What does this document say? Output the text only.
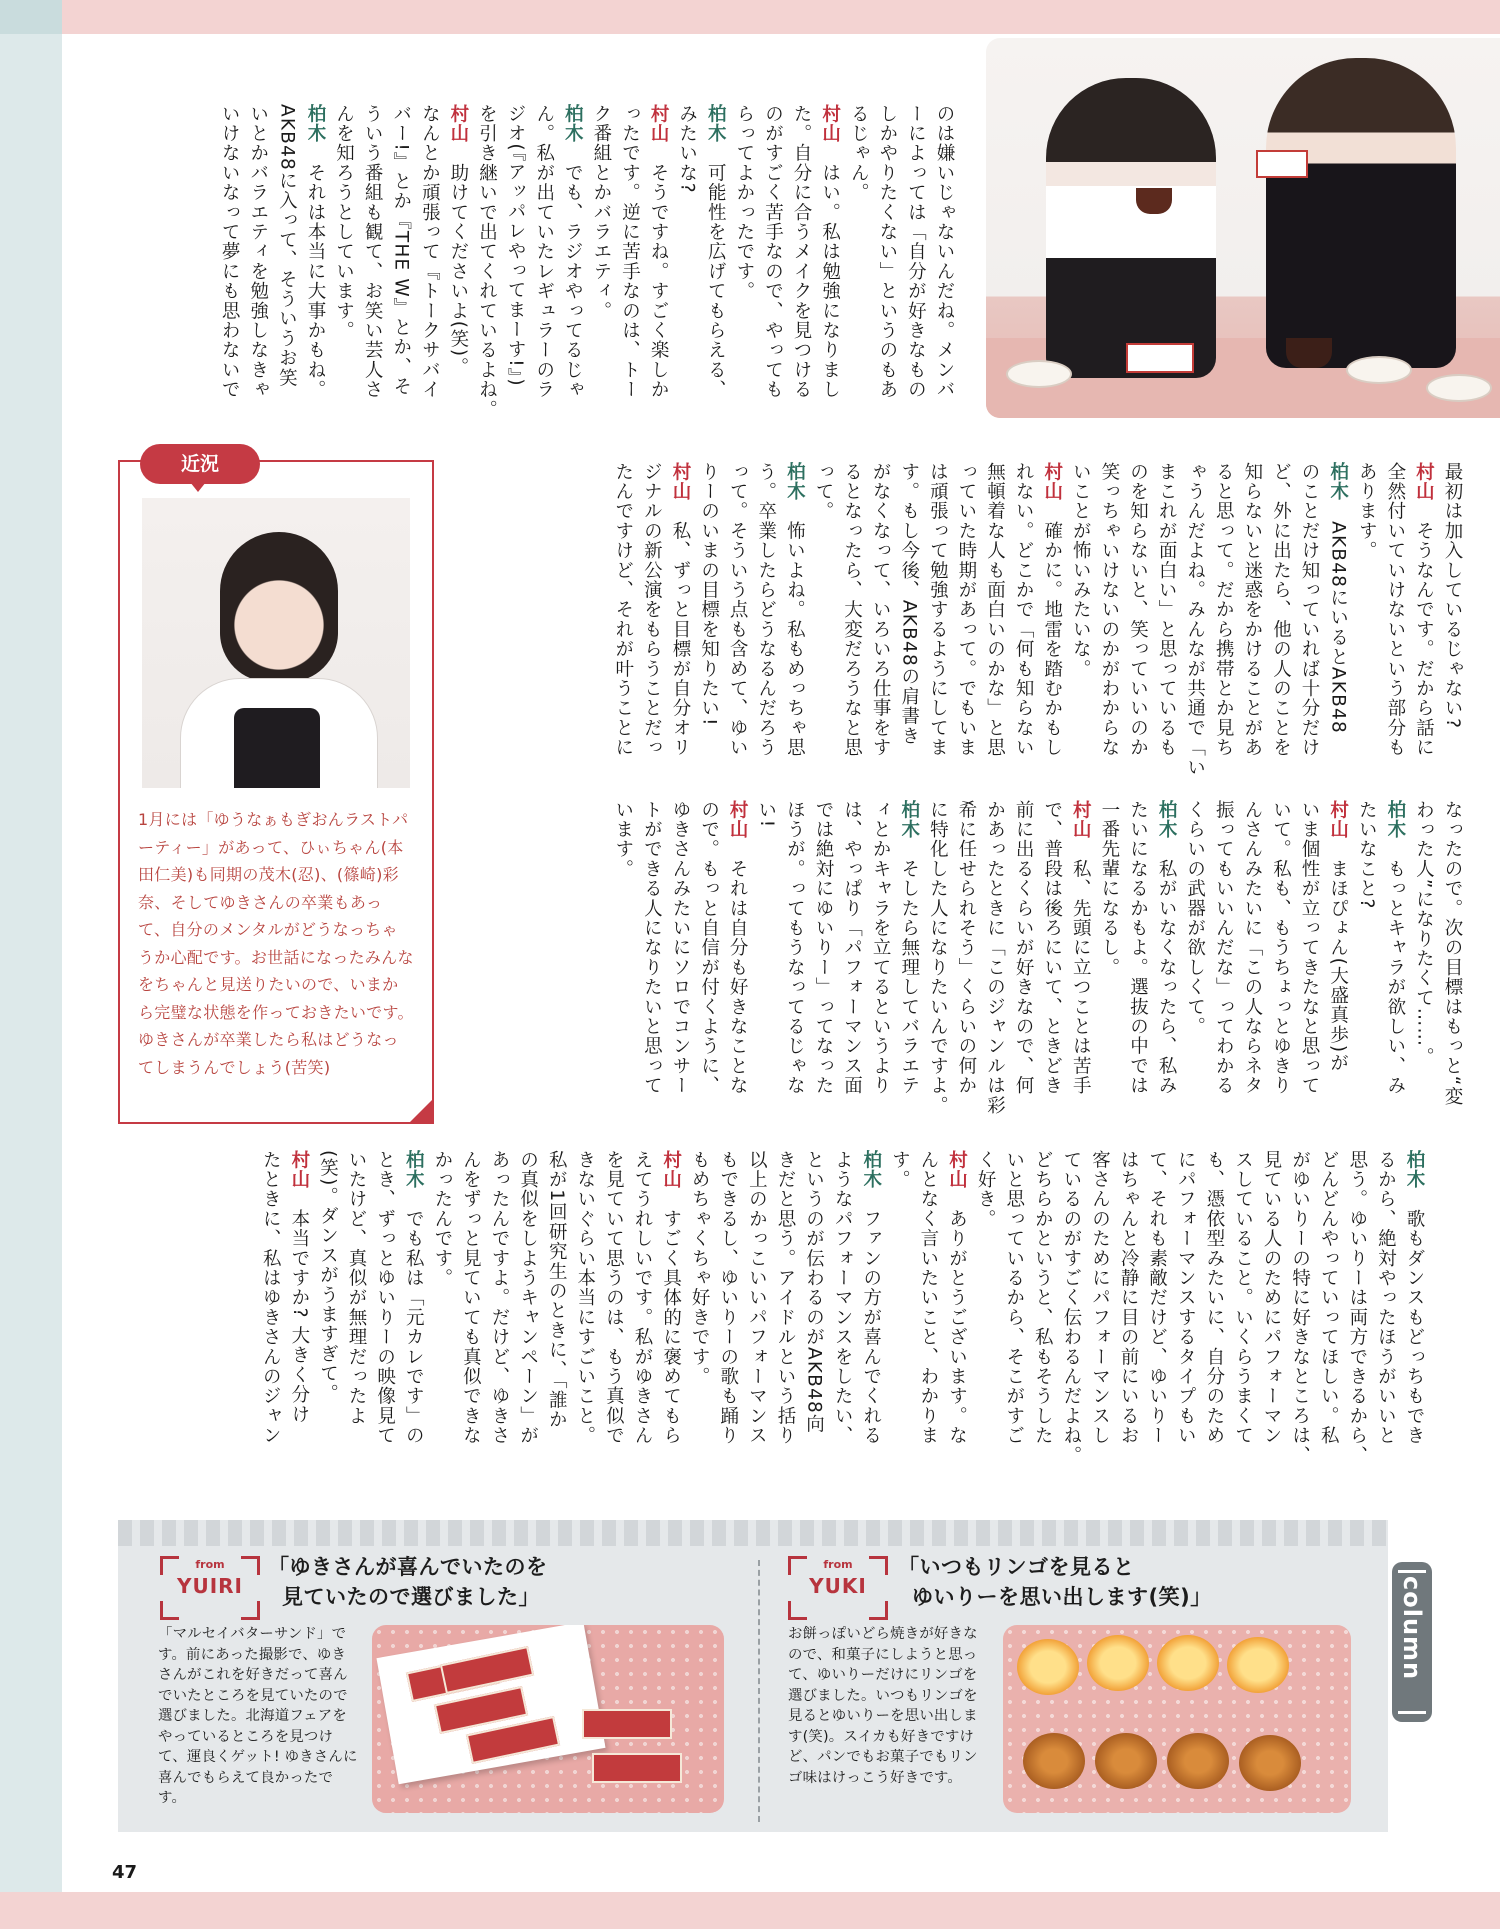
のは嫌いじゃないんだね。メンバ
ーによっては「自分が好きなもの
しかやりたくない」というのもあ
るじゃん。
村山　はい。私は勉強になりまし
た。自分に合うメイクを見つける
のがすごく苦手なので、やっても
らってよかったです。
柏木　可能性を広げてもらえる、
みたいな?
村山　そうですね。すごく楽しか
ったです。逆に苦手なのは、トー
ク番組とかバラエティ。
柏木　でも、ラジオやってるじゃ
ん。私が出ていたレギュラーのラ
ジオ(『アッパレやってまーす!』)
を引き継いで出てくれているよね。
村山　助けてくださいよ(笑)。
なんとか頑張って『トークサバイ
バー!』とか『THE W』とか、そ
ういう番組も観て、お笑い芸人さ
んを知ろうとしています。
柏木　それは本当に大事かもね。
AKB48に入って、そういうお笑
いとかバラエティを勉強しなきゃ
いけないなって夢にも思わないで
最初は加入しているじゃない?
村山　そうなんです。だから話に
全然付いていけないという部分も
あります。
柏木　AKB48にいるとAKB48
のことだけ知っていれば十分だけ
ど、外に出たら、他の人のことを
知らないと迷惑をかけることがあ
ると思って。だから携帯とか見ち
ゃうんだよね。みんなが共通で「い
まこれが面白い」と思っているも
のを知らないと、笑っていいのか
笑っちゃいけないのかがわからな
いことが怖いみたいな。
村山　確かに。地雷を踏むかもし
れない。どこかで「何も知らない
無頓着な人も面白いのかな」と思
っていた時期があって。でもいま
は頑張って勉強するようにしてま
す。もし今後、AKB48の肩書き
がなくなって、いろいろ仕事をす
るとなったら、大変だろうなと思
って。
柏木　怖いよね。私もめっちゃ思
う。卒業したらどうなるんだろう
って。そういう点も含めて、ゆい
りーのいまの目標を知りたい!
村山　私、ずっと目標が自分オリ
ジナルの新公演をもらうことだっ
たんですけど、それが叶うことに
なったので。次の目標はもっと“変
わった人”になりたくて……。
柏木　もっとキャラが欲しい、み
たいなこと?
村山　まほぴょん(大盛真歩)が
いま個性が立ってきたなと思って
いて。私も、もうちょっとゆきり
んさんみたいに「この人ならネタ
振ってもいいんだな」ってわかる
くらいの武器が欲しくて。
柏木　私がいなくなったら、私み
たいになるかもよ。選抜の中では
一番先輩になるし。
村山　私、先頭に立つことは苦手
で、普段は後ろにいて、ときどき
前に出るくらいが好きなので、何
かあったときに「このジャンルは彩
希に任せられそう」くらいの何か
に特化した人になりたいんですよ。
柏木　そしたら無理してバラエテ
ィとかキャラを立てるというより
は、やっぱり「パフォーマンス面
では絶対にゆいりー」ってなった
ほうが。ってもうなってるじゃな
い!
村山　それは自分も好きなことな
ので。もっと自信が付くように、
ゆきさんみたいにソロでコンサー
トができる人になりたいと思って
います。
柏木　歌もダンスもどっちもでき
るから、絶対やったほうがいいと
思う。ゆいりーは両方できるから、
どんどんやっていってほしい。私
がゆいりーの特に好きなところは、
見ている人のためにパフォーマン
スしていること。いくらうまくて
も、憑依型みたいに、自分のため
にパフォーマンスするタイプもい
て、それも素敵だけど、ゆいりー
はちゃんと冷静に目の前にいるお
客さんのためにパフォーマンスし
ているのがすごく伝わるんだよね。
どちらかというと、私もそうした
いと思っているから、そこがすご
く好き。
村山　ありがとうございます。な
んとなく言いたいこと、わかりま
す。
柏木　ファンの方が喜んでくれる
ようなパフォーマンスをしたい、
というのが伝わるのがAKB48向
きだと思う。アイドルという括り
以上のかっこいいパフォーマンス
もできるし、ゆいりーの歌も踊り
もめちゃくちゃ好きです。
村山　すごく具体的に褒めてもら
えてうれしいです。私がゆきさん
を見ていて思うのは、もう真似で
きないぐらい本当にすごいこと。
私が1回研究生のときに、「誰か
の真似をしようキャンペーン」が
あったんですよ。だけど、ゆきさ
んをずっと見ていても真似できな
かったんです。
柏木　でも私は「元カレです」の
とき、ずっとゆいりーの映像見て
いたけど、真似が無理だったよ
(笑)。ダンスがうますぎて。
村山　本当ですか? 大きく分け
たときに、私はゆきさんのジャン
近況
1月には「ゆうなぁもぎおんラストパーティー」があって、ひぃちゃん(本田仁美)も同期の茂木(忍)、(篠崎)彩奈、そしてゆきさんの卒業もあって、自分のメンタルがどうなっちゃうか心配です。お世話になったみんなをちゃんと見送りたいので、いまから完璧な状態を作っておきたいです。ゆきさんが卒業したら私はどうなってしまうんでしょう(苦笑)
from
YUIRI
「ゆきさんが喜んでいたのを
見ていたので選びました」
「マルセイバターサンド」です。前にあった撮影で、ゆきさんがこれを好きだって喜んでいたところを見ていたので選びました。北海道フェアをやっているところを見つけて、運良くゲット! ゆきさんに喜んでもらえて良かったです。
from
YUKI
「いつもリンゴを見ると
ゆいりーを思い出します(笑)」
お餅っぽいどら焼きが好きなので、和菓子にしようと思って、ゆいりーだけにリンゴを選びました。いつもリンゴを見るとゆいりーを思い出します(笑)。スイカも好きですけど、パンでもお菓子でもリンゴ味はけっこう好きです。
column
47
